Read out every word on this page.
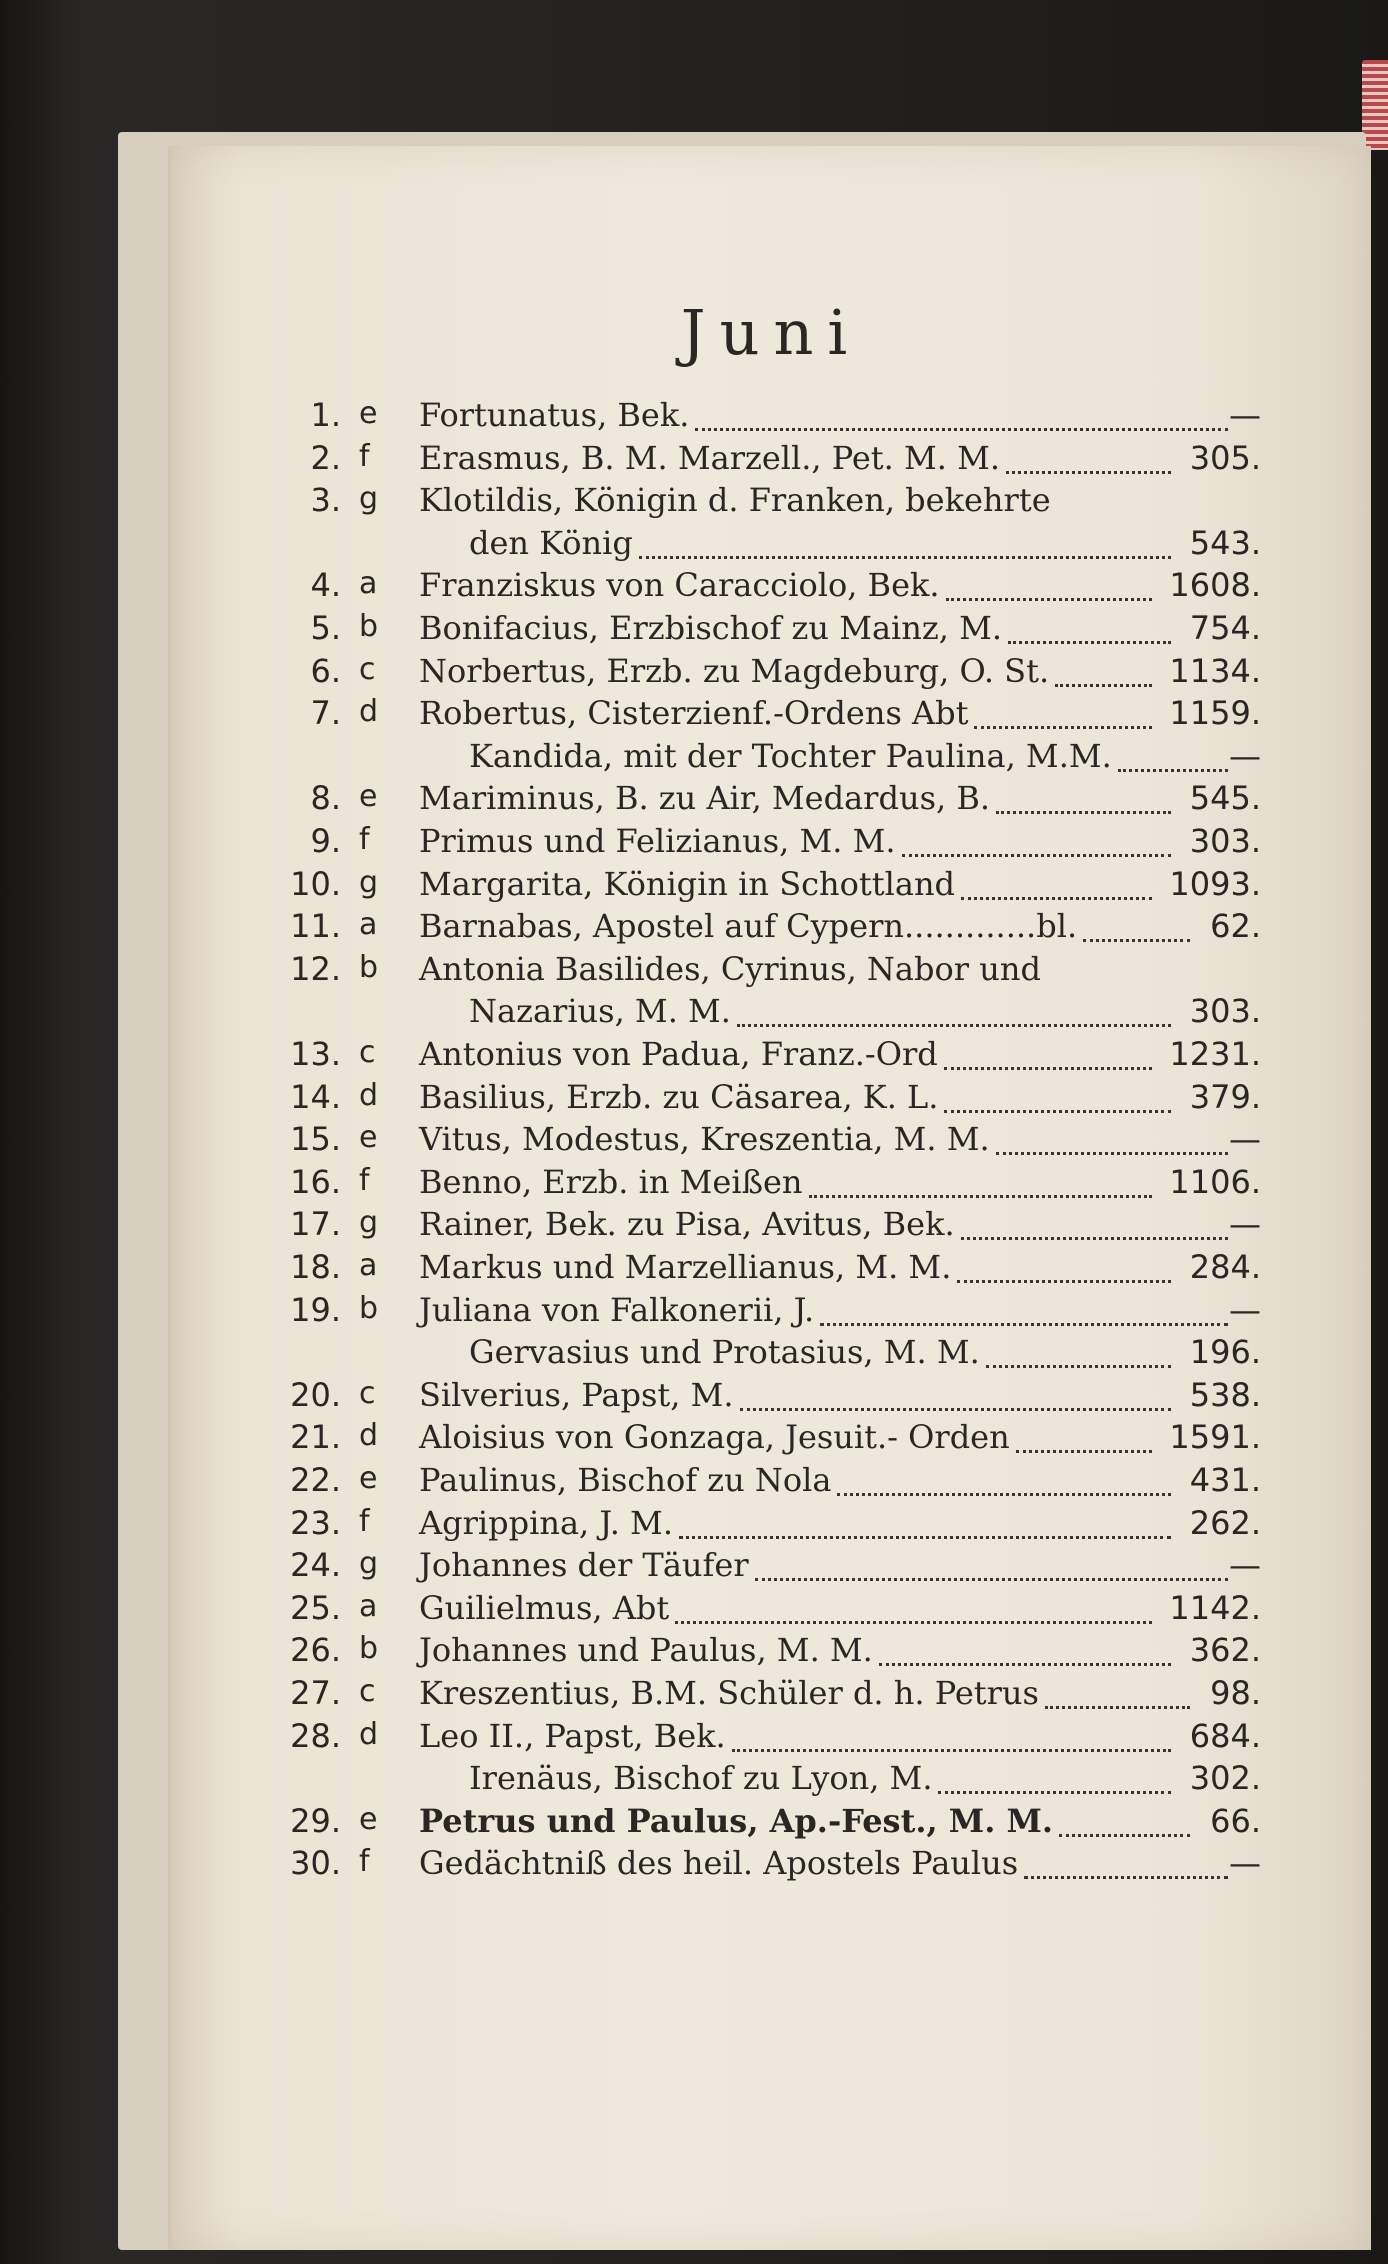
Juni
1. e	Fortunatus, Bek.	—
2. f	Erasmus, B. M. Marzell., Pet. M. M.	305.
3. g	Klotildis, Königin d. Franken, bekehrte
den König	543.
4. a	Franziskus von Caracciolo, Bek.	1608.
5. b	Bonifacius, Erzbischof zu Mainz, M.	754.
6. c	Norbertus, Erzb. zu Magdeburg, O. St.	1134.
7. d	Robertus, Cisterzienf.-Ordens Abt	1159.
Kandida, mit der Tochter Paulina, M.M.	—
8. e	Mariminus, B. zu Air, Medardus, B.	545.
9. f	Primus und Felizianus, M. M.	303.
10. g	Margarita, Königin in Schottland	1093.
11. a	Barnabas, Apostel auf Cypern.............bl.	62.
12. b	Antonia Basilides, Cyrinus, Nabor und
Nazarius, M. M.	303.
13. c	Antonius von Padua, Franz.-Ord	1231.
14. d	Basilius, Erzb. zu Cäsarea, K. L.	379.
15. e	Vitus, Modestus, Kreszentia, M. M.	—
16. f	Benno, Erzb. in Meißen	1106.
17. g	Rainer, Bek. zu Pisa, Avitus, Bek.	—
18. a	Markus und Marzellianus, M. M.	284.
19. b	Juliana von Falkonerii, J.	—
Gervasius und Protasius, M. M.	196.
20. c	Silverius, Papst, M.	538.
21. d	Aloisius von Gonzaga, Jesuit.- Orden	1591.
22. e	Paulinus, Bischof zu Nola	431.
23. f	Agrippina, J. M.	262.
24. g	Johannes der Täufer	—
25. a	Guilielmus, Abt	1142.
26. b	Johannes und Paulus, M. M.	362.
27. c	Kreszentius, B.M. Schüler d. h. Petrus	98.
28. d	Leo II., Papst, Bek.	684.
Irenäus, Bischof zu Lyon, M.	302.
29. e	Petrus und Paulus, Ap.-Fest., M. M.	66.
30. f	Gedächtniß des heil. Apostels Paulus	—
